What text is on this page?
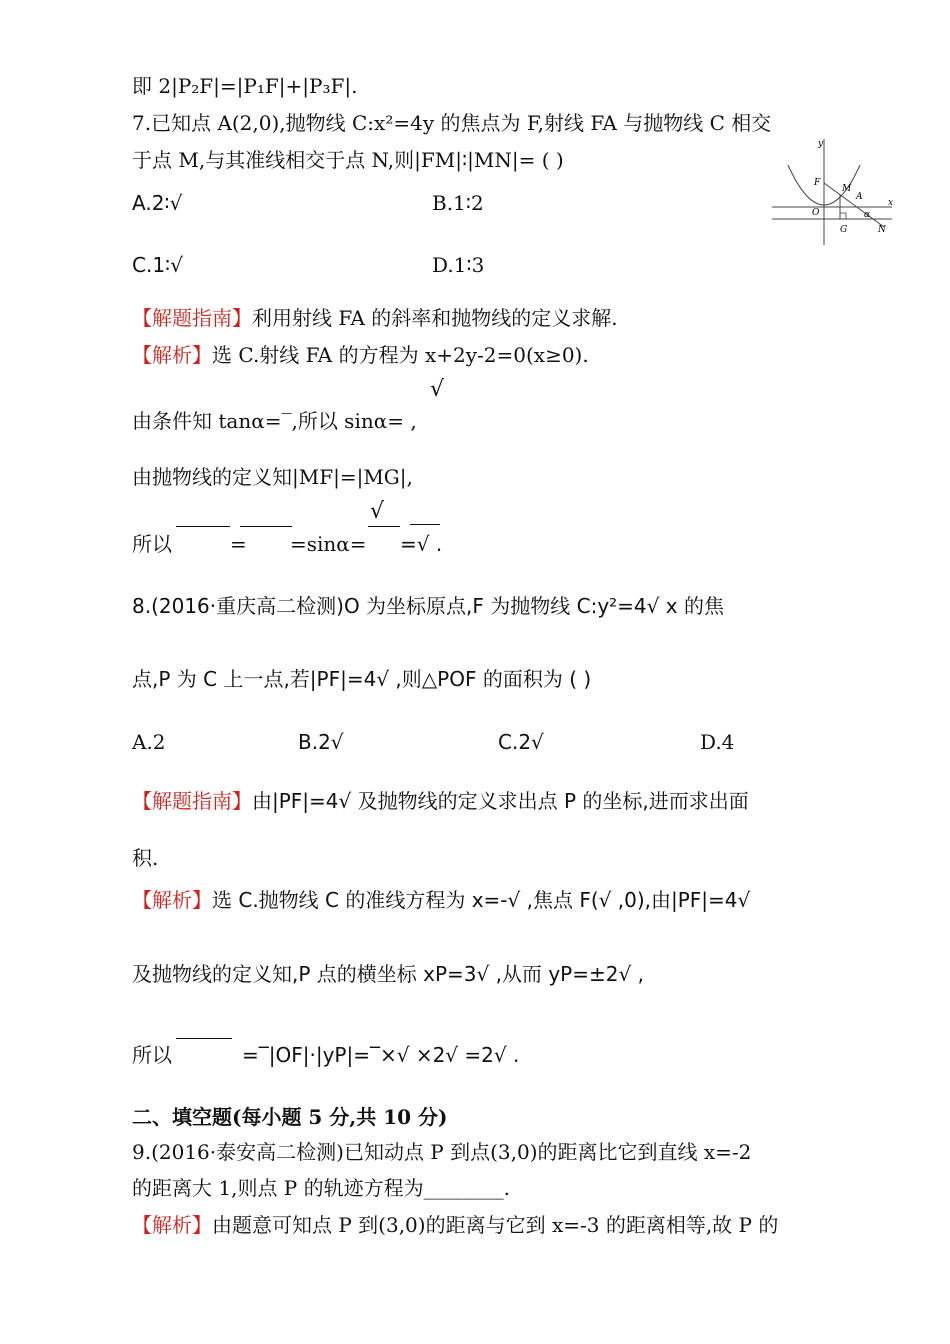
即 2|P₂F|=|P₁F|+|P₃F|.
7.已知点 A(2,0),抛物线 C:x²=4y 的焦点为 F,射线 FA 与抛物线 C 相交
于点 M,与其准线相交于点 N,则|FM|∶|MN|= ( )
A.2∶√	B.1∶2
C.1∶√	D.1∶3
x
y
F
M
A
O
G	N
α
【解题指南】利用射线 FA 的斜率和抛物线的定义求解.
【解析】选 C.射线 FA 的方程为 x+2y-2=0(x≥0).
√
由条件知 tanα=‾,所以 sinα= ,
由抛物线的定义知|MF|=|MG|,
所以	= =sinα=
√
=√ .
8.(2016·重庆高二检测)O 为坐标原点,F 为抛物线 C:y²=4√ x 的焦
点,P 为 C 上一点,若|PF|=4√ ,则△POF 的面积为 ( )
A.2	B.2√	C.2√	D.4
【解题指南】由|PF|=4√ 及抛物线的定义求出点 P 的坐标,进而求出面
积.
【解析】选 C.抛物线 C 的准线方程为 x=-√ ,焦点 F(√ ,0),由|PF|=4√
及抛物线的定义知,P 点的横坐标 xP=3√ ,从而 yP=±2√ ,
所以	=‾|OF|·|yP|=‾×√ ×2√ =2√ .
二、填空题(每小题 5 分,共 10 分)
9.(2016·泰安高二检测)已知动点 P 到点(3,0)的距离比它到直线 x=-2
的距离大 1,则点 P 的轨迹方程为________.
【解析】由题意可知点 P 到(3,0)的距离与它到 x=-3 的距离相等,故 P 的
